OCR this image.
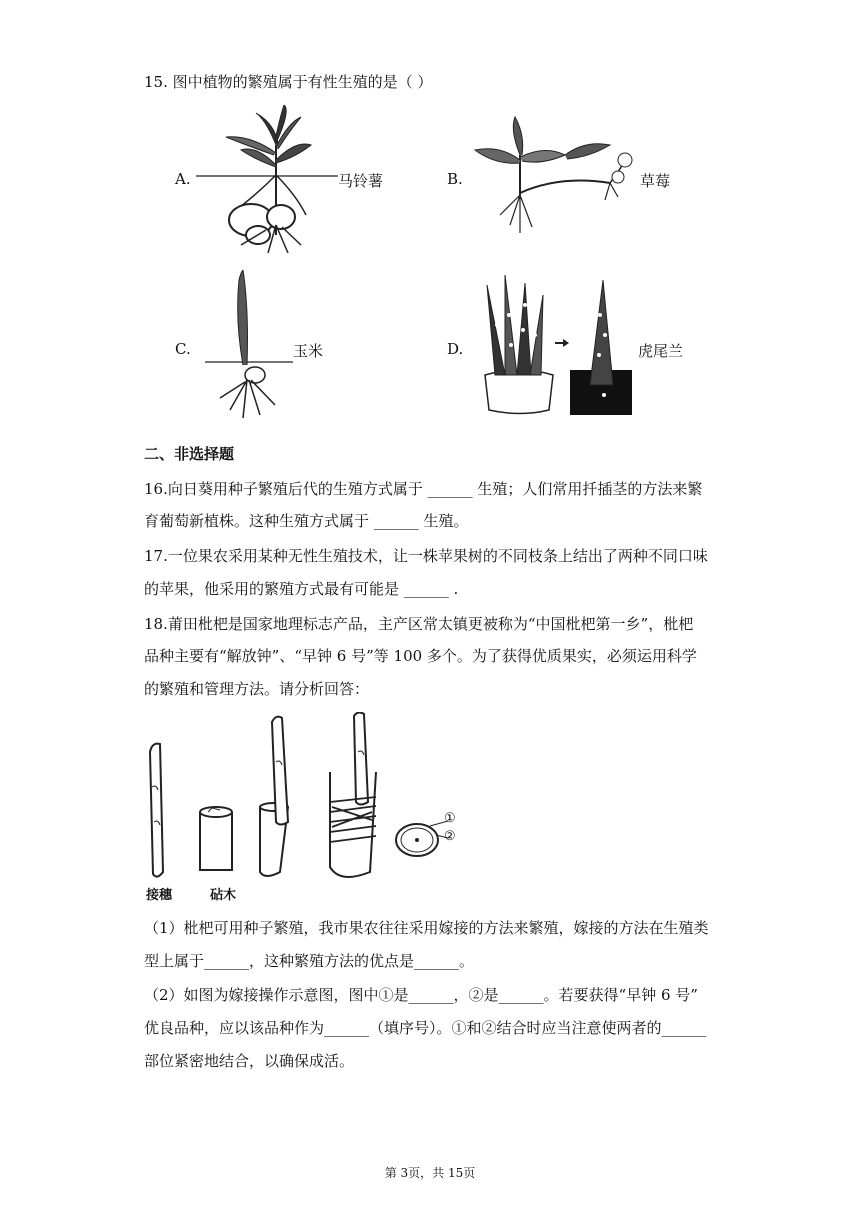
15. 图中植物的繁殖属于有性生殖的是（ ）
A.	马铃薯	B.	草莓
C.	玉米	D.	虎尾兰
二、非选择题
16.向日葵用种子繁殖后代的生殖方式属于 ______ 生殖；人们常用扦插茎的方法来繁
育葡萄新植株。这种生殖方式属于 ______ 生殖。
17.一位果农采用某种无性生殖技术，让一株苹果树的不同枝条上结出了两种不同口味
的苹果，他采用的繁殖方式最有可能是 ______ .
18.莆田枇杷是国家地理标志产品，主产区常太镇更被称为“中国枇杷第一乡”，枇杷
品种主要有“解放钟”、“早钟 6 号”等 100 多个。为了获得优质果实，必须运用科学
的繁殖和管理方法。请分析回答：
①
②
接穗	砧木
（1）枇杷可用种子繁殖，我市果农往往采用嫁接的方法来繁殖，嫁接的方法在生殖类
型上属于______，这种繁殖方法的优点是______。
（2）如图为嫁接操作示意图，图中①是______，②是______。若要获得“早钟 6 号”
优良品种，应以该品种作为______（填序号）。①和②结合时应当注意使两者的______
部位紧密地结合，以确保成活。
第 3页，共 15页
